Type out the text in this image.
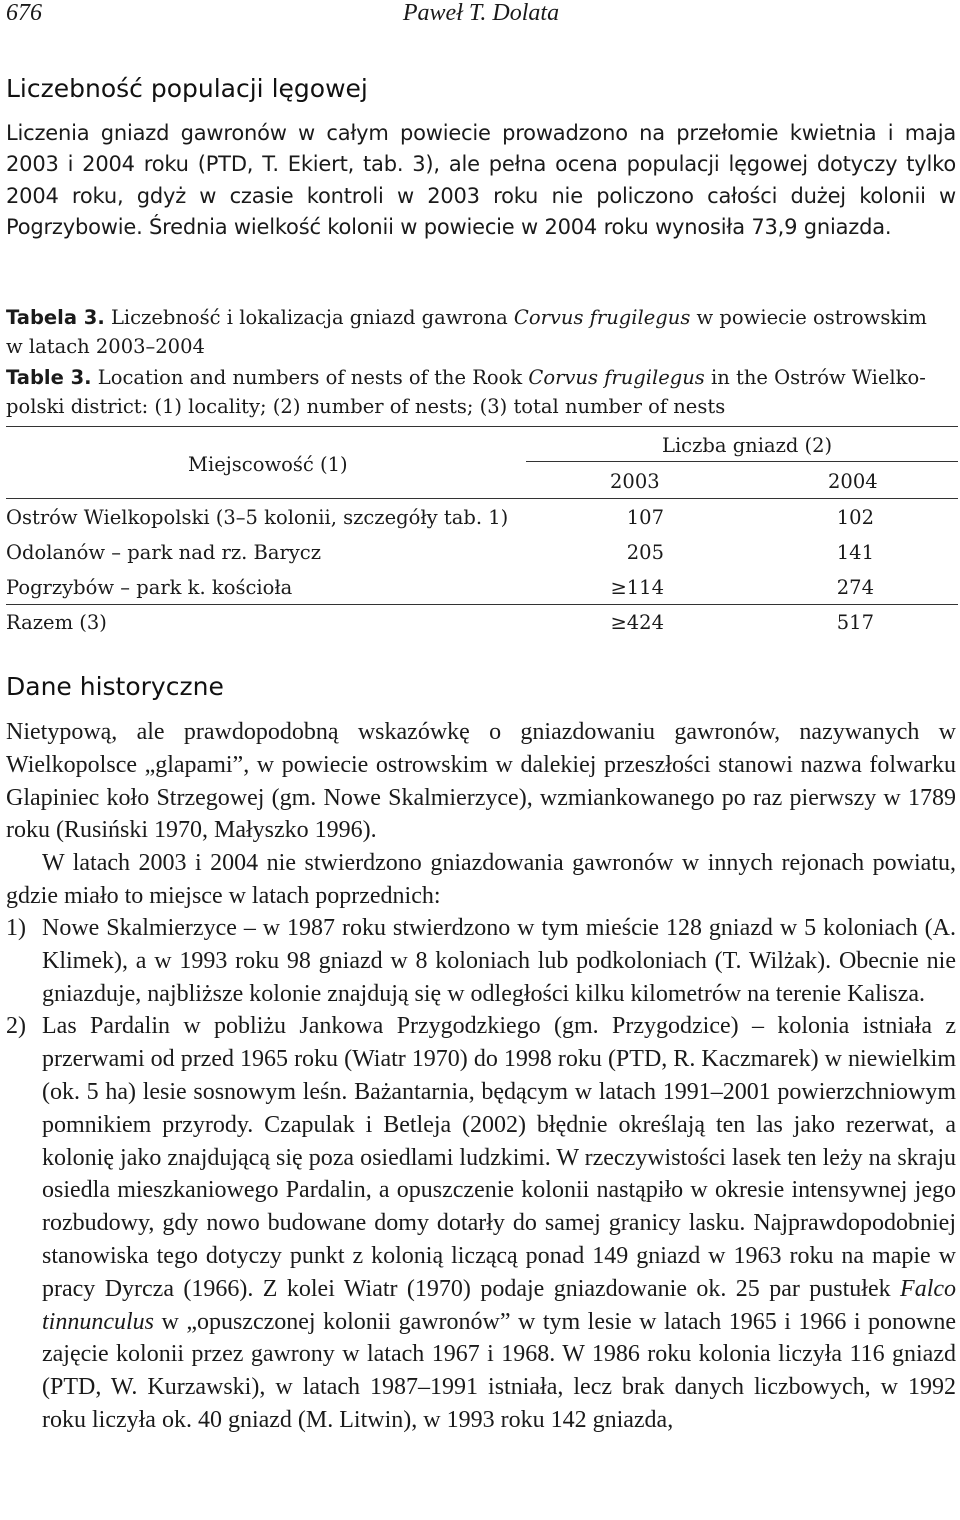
676	Paweł T. Dolata
Liczebność populacji lęgowej

Liczenia gniazd gawronów w całym powiecie prowadzono na przełomie kwietnia i maja 2003 i 2004 roku (PTD, T. Ekiert, tab. 3), ale pełna ocena populacji lęgowej dotyczy tylko 2004 roku, gdyż w czasie kontroli w 2003 roku nie policzono całości dużej kolonii w Pogrzybowie. Średnia wielkość kolonii w powiecie w 2004 roku wynosiła 73,9 gniazda.

Tabela 3. Liczebność i lokalizacja gniazd gawrona Corvus frugilegus w powiecie ostrowskim
w latach 2003–2004
Table 3. Location and numbers of nests of the Rook Corvus frugilegus in the Ostrów Wielko-
polski district: (1) locality; (2) number of nests; (3) total number of nests
Miejscowość (1)
Liczba gniazd (2)
2003	2004
Ostrów Wielkopolski (3–5 kolonii, szczegóły tab. 1)	107	102
Odolanów – park nad rz. Barycz	205	141
Pogrzybów – park k. kościoła	≥114	274
Razem (3)	≥424	517
Dane historyczne

Nietypową, ale prawdopodobną wskazówkę o gniazdowaniu gawronów, nazywanych w Wielkopolsce „glapami”, w powiecie ostrowskim w dalekiej przeszłości stanowi nazwa folwarku Glapiniec koło Strzegowej (gm. Nowe Skalmierzyce), wzmiankowanego po raz pierwszy w 1789 roku (Rusiński 1970, Małyszko 1996).

W latach 2003 i 2004 nie stwierdzono gniazdowania gawronów w innych rejonach powiatu, gdzie miało to miejsce w latach poprzednich:

1) Nowe Skalmierzyce – w 1987 roku stwierdzono w tym mieście 128 gniazd w 5 koloniach (A. Klimek), a w 1993 roku 98 gniazd w 8 koloniach lub podkoloniach (T. Wilżak). Obecnie nie gniazduje, najbliższe kolonie znajdują się w odległości kilku kilometrów na terenie Kalisza.
2) Las Pardalin w pobliżu Jankowa Przygodzkiego (gm. Przygodzice) – kolonia istniała z przerwami od przed 1965 roku (Wiatr 1970) do 1998 roku (PTD, R. Kaczmarek) w niewielkim (ok. 5 ha) lesie sosnowym leśn. Bażantarnia, będącym w latach 1991–2001 powierzchniowym pomnikiem przyrody. Czapulak i Betleja (2002) błędnie określają ten las jako rezerwat, a kolonię jako znajdującą się poza osiedlami ludzkimi. W rzeczywistości lasek ten leży na skraju osiedla mieszkaniowego Pardalin, a opuszczenie kolonii nastąpiło w okresie intensywnej jego rozbudowy, gdy nowo budowane domy dotarły do samej granicy lasku. Najprawdopodobniej stanowiska tego dotyczy punkt z kolonią liczącą ponad 149 gniazd w 1963 roku na mapie w pracy Dyrcza (1966). Z kolei Wiatr (1970) podaje gniazdowanie ok. 25 par pustułek Falco tinnunculus w „opuszczonej kolonii gawronów” w tym lesie w latach 1965 i 1966 i ponowne zajęcie kolonii przez gawrony w latach 1967 i 1968. W 1986 roku kolonia liczyła 116 gniazd (PTD, W. Kurzawski), w latach 1987–1991 istniała, lecz brak danych liczbowych, w 1992 roku liczyła ok. 40 gniazd (M. Litwin), w 1993 roku 142 gniazda,
